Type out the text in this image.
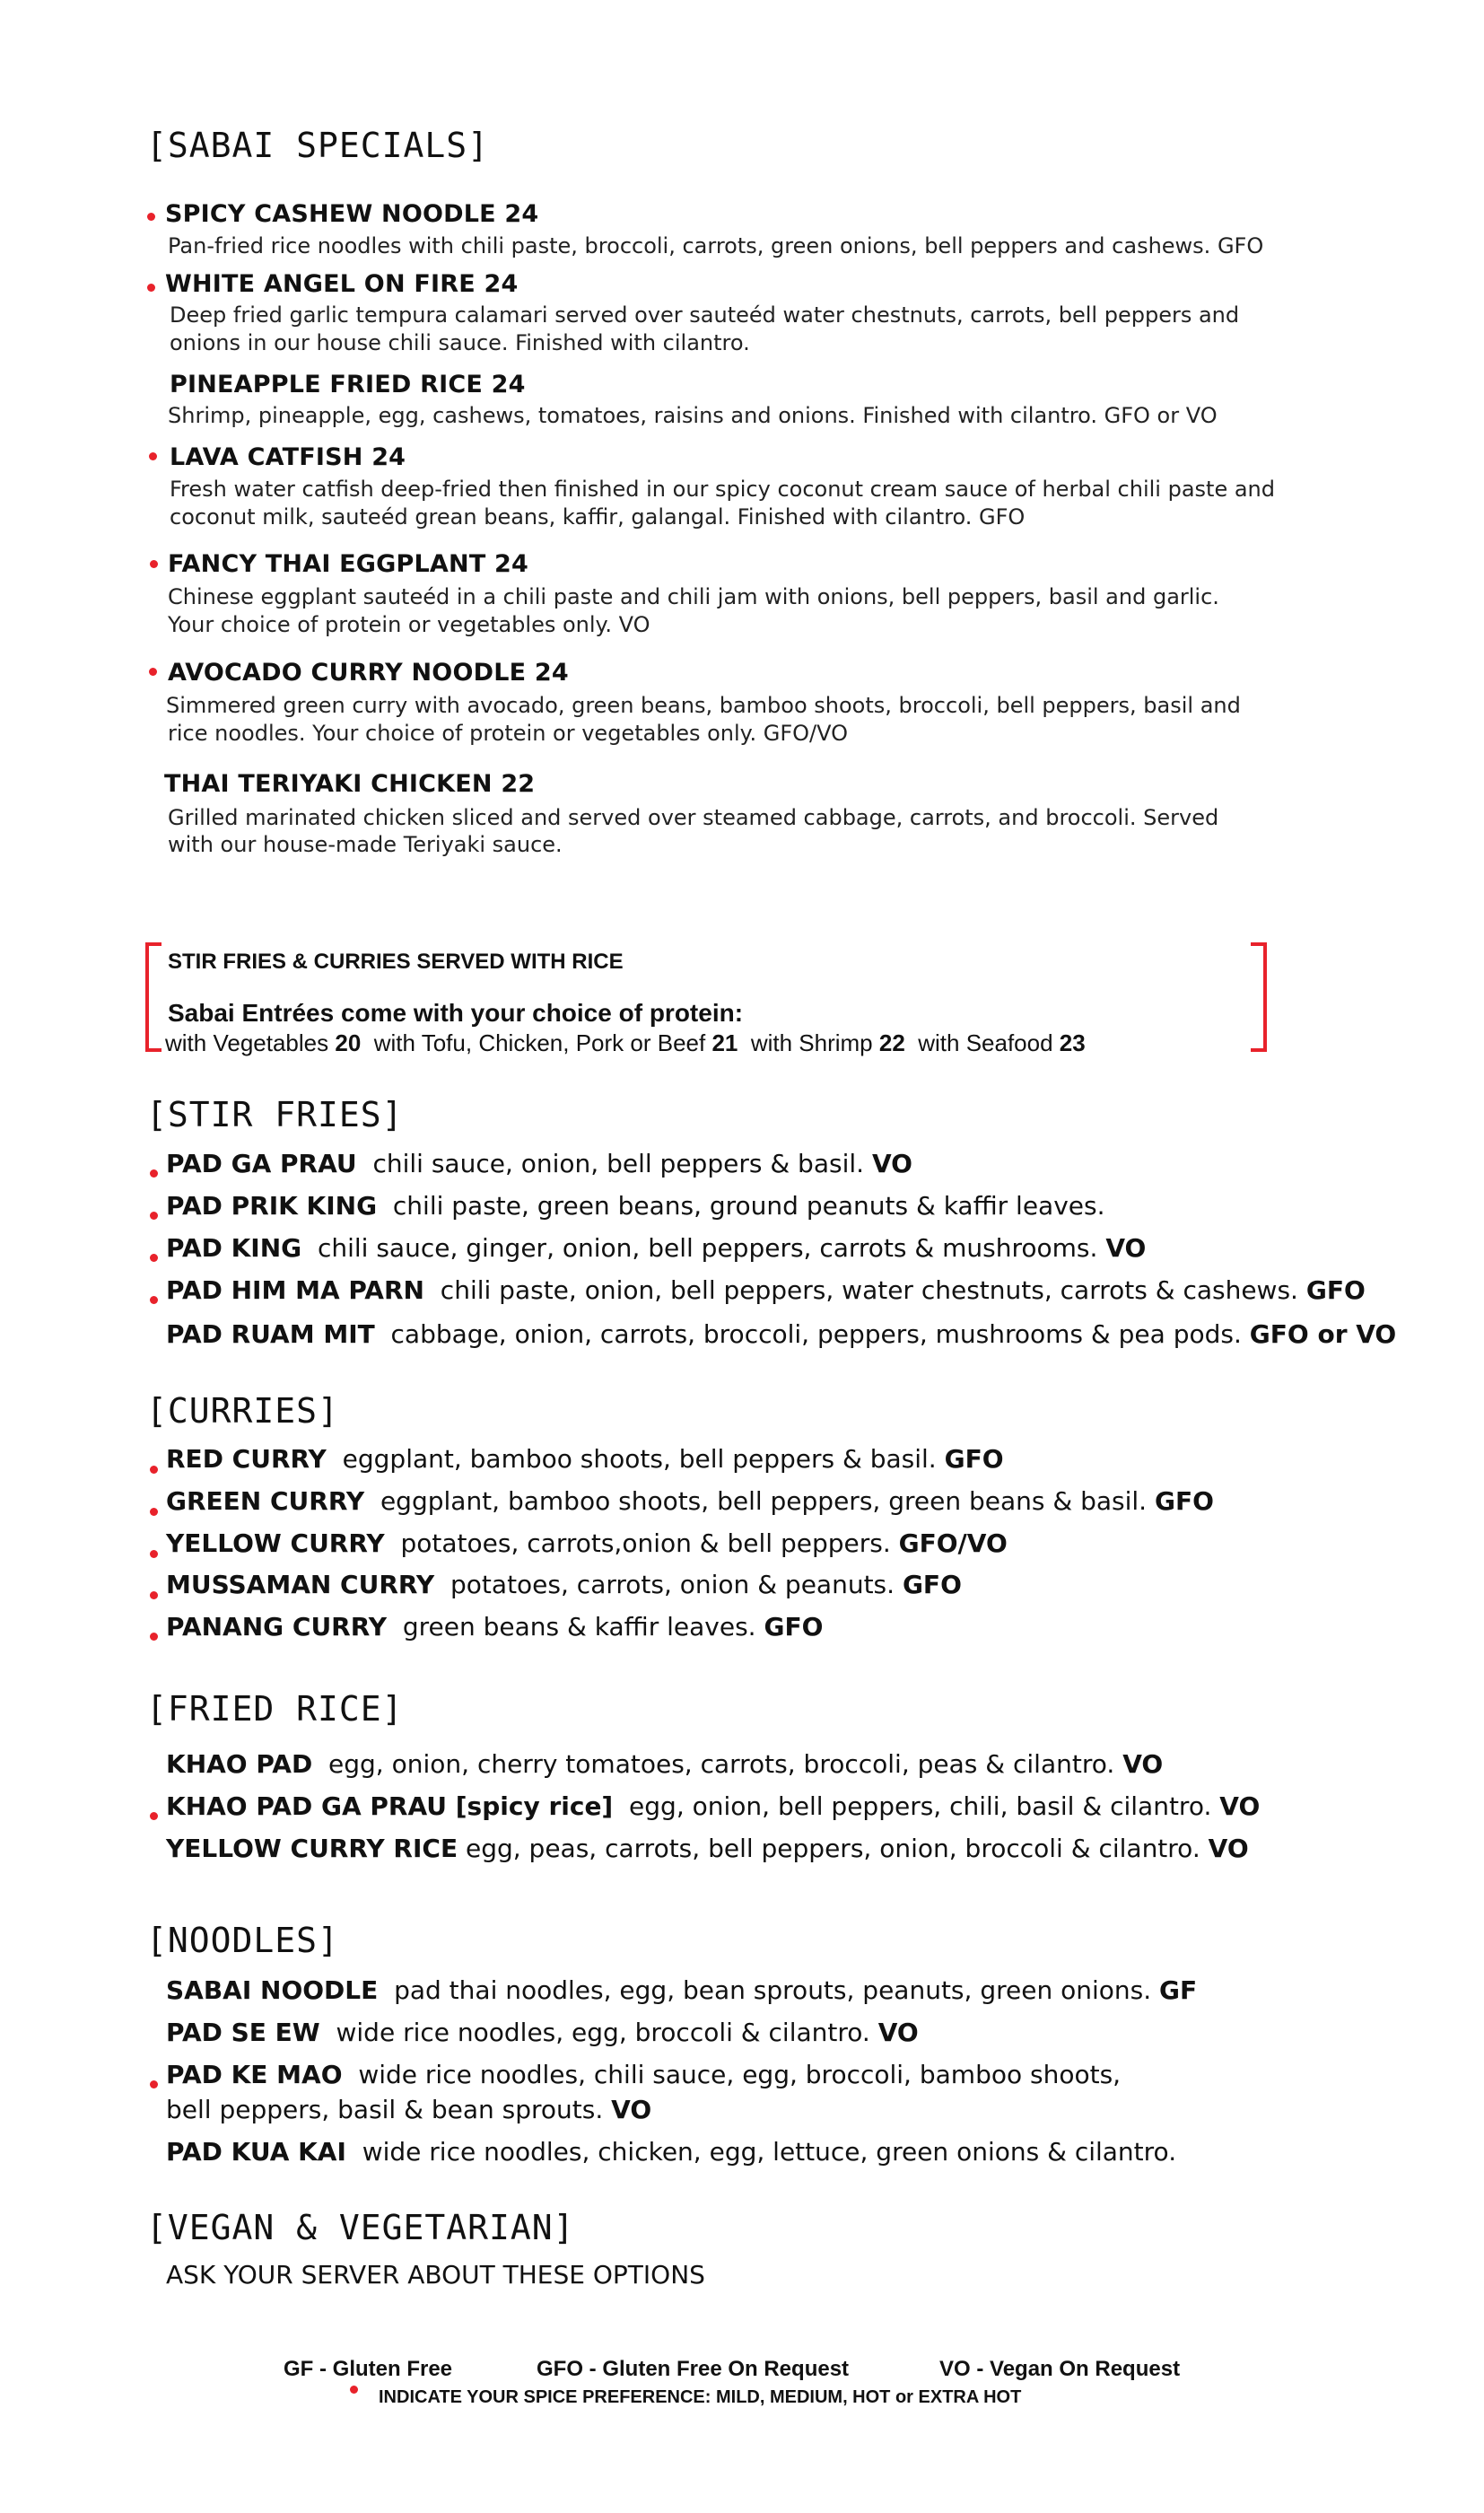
[SABAI SPECIALS]
SPICY CASHEW NOODLE 24
Pan-fried rice noodles with chili paste, broccoli, carrots, green onions, bell peppers and cashews. GFO
WHITE ANGEL ON FIRE 24
Deep fried garlic tempura calamari served over sauteéd water chestnuts, carrots, bell peppers and
onions in our house chili sauce. Finished with cilantro.
PINEAPPLE FRIED RICE 24
Shrimp, pineapple, egg, cashews, tomatoes, raisins and onions. Finished with cilantro. GFO or VO
LAVA CATFISH 24
Fresh water catfish deep-fried then finished in our spicy coconut cream sauce of herbal chili paste and
coconut milk, sauteéd grean beans, kaffir, galangal. Finished with cilantro. GFO
FANCY THAI EGGPLANT 24
Chinese eggplant sauteéd in a chili paste and chili jam with onions, bell peppers, basil and garlic.
Your choice of protein or vegetables only. VO
AVOCADO CURRY NOODLE 24
Simmered green curry with avocado, green beans, bamboo shoots, broccoli, bell peppers, basil and
rice noodles. Your choice of protein or vegetables only. GFO/VO
THAI TERIYAKI CHICKEN 22
Grilled marinated chicken sliced and served over steamed cabbage, carrots, and broccoli. Served
with our house-made Teriyaki sauce.
STIR FRIES & CURRIES SERVED WITH RICE
Sabai Entrées come with your choice of protein:
with Vegetables 20 with Tofu, Chicken, Pork or Beef 21 with Shrimp 22 with Seafood 23
[STIR FRIES]
PAD GA PRAU chili sauce, onion, bell peppers & basil. VO
PAD PRIK KING chili paste, green beans, ground peanuts & kaffir leaves.
PAD KING chili sauce, ginger, onion, bell peppers, carrots & mushrooms. VO
PAD HIM MA PARN chili paste, onion, bell peppers, water chestnuts, carrots & cashews. GFO
PAD RUAM MIT cabbage, onion, carrots, broccoli, peppers, mushrooms & pea pods. GFO or VO
[CURRIES]
RED CURRY eggplant, bamboo shoots, bell peppers & basil. GFO
GREEN CURRY eggplant, bamboo shoots, bell peppers, green beans & basil. GFO
YELLOW CURRY potatoes, carrots,onion & bell peppers. GFO/VO
MUSSAMAN CURRY potatoes, carrots, onion & peanuts. GFO
PANANG CURRY green beans & kaffir leaves. GFO
[FRIED RICE]
KHAO PAD egg, onion, cherry tomatoes, carrots, broccoli, peas & cilantro. VO
KHAO PAD GA PRAU [spicy rice] egg, onion, bell peppers, chili, basil & cilantro. VO
YELLOW CURRY RICE egg, peas, carrots, bell peppers, onion, broccoli & cilantro. VO
[NOODLES]
SABAI NOODLE pad thai noodles, egg, bean sprouts, peanuts, green onions. GF
PAD SE EW wide rice noodles, egg, broccoli & cilantro. VO
PAD KE MAO wide rice noodles, chili sauce, egg, broccoli, bamboo shoots,
bell peppers, basil & bean sprouts. VO
PAD KUA KAI wide rice noodles, chicken, egg, lettuce, green onions & cilantro.
[VEGAN & VEGETARIAN]
ASK YOUR SERVER ABOUT THESE OPTIONS
GF - Gluten Free	GFO - Gluten Free On Request	VO - Vegan On Request
INDICATE YOUR SPICE PREFERENCE: MILD, MEDIUM, HOT or EXTRA HOT
